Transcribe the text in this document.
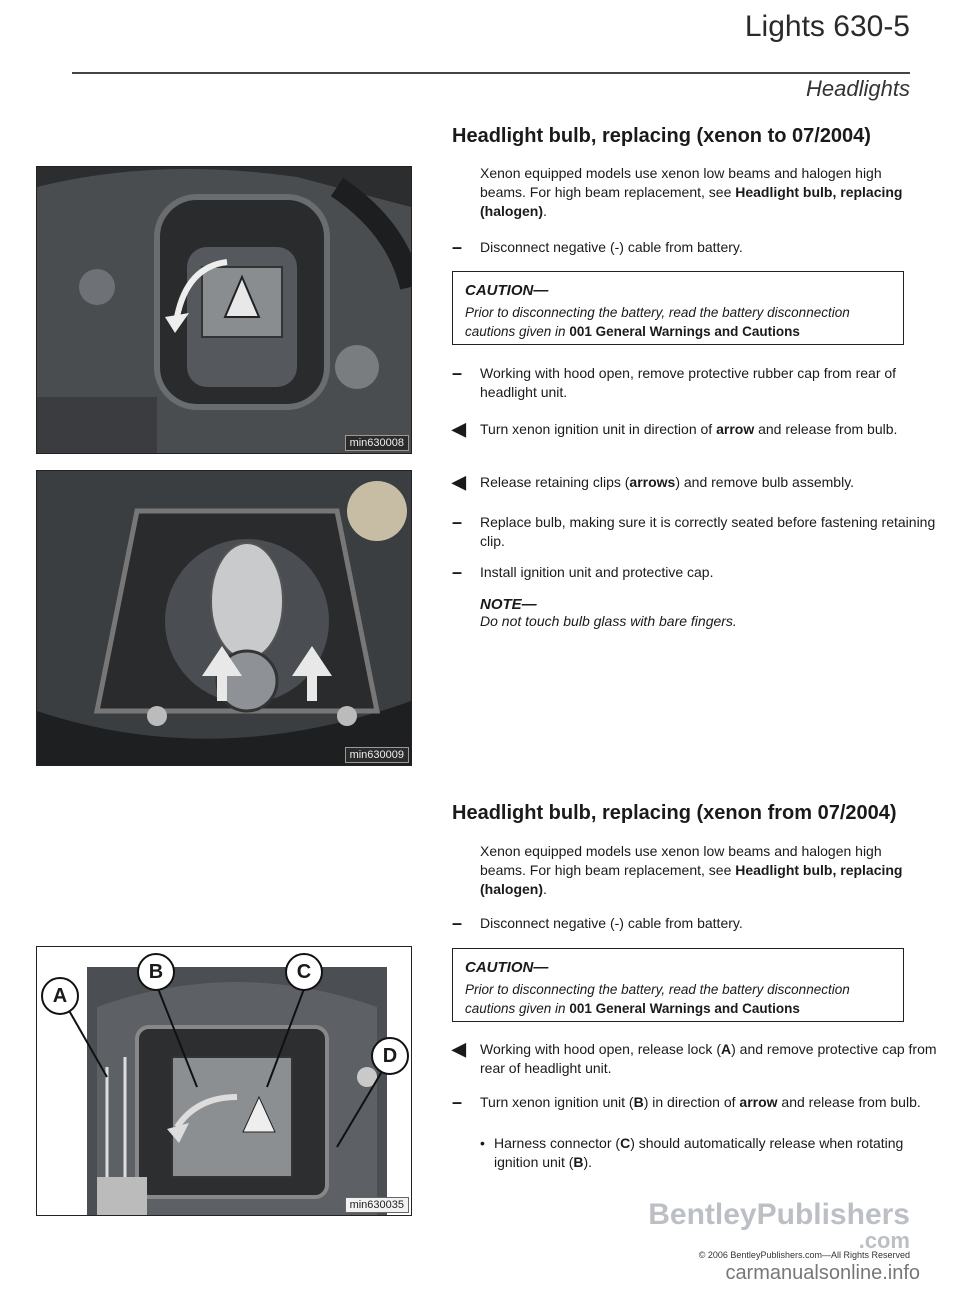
Lights 630-5
Headlights
min630008
min630009
A
B	C
D
min630035
Headlight bulb, replacing (xenon to 07/2004)
Xenon equipped models use xenon low beams and halogen high beams. For high beam replacement, see Headlight bulb, replacing (halogen).
– Disconnect negative (-) cable from battery.
CAUTION—
Prior to disconnecting the battery, read the battery disconnection cautions given in 001 General Warnings and Cautions
– Working with hood open, remove protective rubber cap from rear of headlight unit.
◀ Turn xenon ignition unit in direction of arrow and release from bulb.
◀ Release retaining clips (arrows) and remove bulb assembly.
– Replace bulb, making sure it is correctly seated before fastening retaining clip.
– Install ignition unit and protective cap.
NOTE—
Do not touch bulb glass with bare fingers.
Headlight bulb, replacing (xenon from 07/2004)
Xenon equipped models use xenon low beams and halogen high beams. For high beam replacement, see Headlight bulb, replacing (halogen).
– Disconnect negative (-) cable from battery.
CAUTION—
Prior to disconnecting the battery, read the battery disconnection cautions given in 001 General Warnings and Cautions
◀ Working with hood open, release lock (A) and remove protective cap from rear of headlight unit.
– Turn xenon ignition unit (B) in direction of arrow and release from bulb.
• Harness connector (C) should automatically release when rotating ignition unit (B).
BentleyPublishers
.com
© 2006 BentleyPublishers.com—All Rights Reserved
carmanualsonline.info
